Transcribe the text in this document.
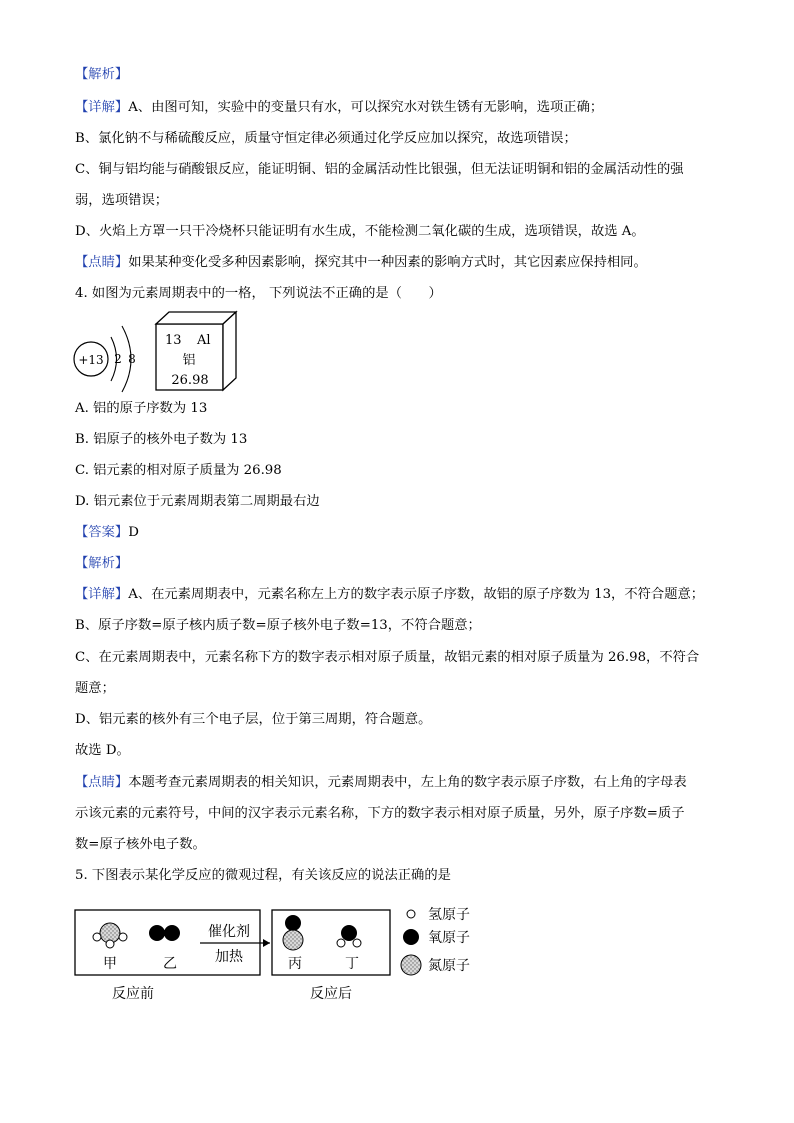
【解析】
【详解】A、由图可知，实验中的变量只有水，可以探究水对铁生锈有无影响，选项正确；
B、氯化钠不与稀硫酸反应，质量守恒定律必须通过化学反应加以探究，故选项错误；
C、铜与铝均能与硝酸银反应，能证明铜、铝的金属活动性比银强，但无法证明铜和铝的金属活动性的强
弱，选项错误；
D、火焰上方罩一只干冷烧杯只能证明有水生成，不能检测二氧化碳的生成，选项错误，故选 A。
【点睛】如果某种变化受多种因素影响，探究其中一种因素的影响方式时，其它因素应保持相同。
4. 如图为元素周期表中的一格， 下列说法不正确的是（　　）
+13 2 8
13 Al
铝
26.98
A. 铝的原子序数为 13
B. 铝原子的核外电子数为 13
C. 铝元素的相对原子质量为 26.98
D. 铝元素位于元素周期表第二周期最右边
【答案】D
【解析】
【详解】A、在元素周期表中，元素名称左上方的数字表示原子序数，故铝的原子序数为 13，不符合题意；
B、原子序数=原子核内质子数=原子核外电子数=13，不符合题意；
C、在元素周期表中，元素名称下方的数字表示相对原子质量，故铝元素的相对原子质量为 26.98，不符合
题意；
D、铝元素的核外有三个电子层，位于第三周期，符合题意。
故选 D。
【点睛】本题考查元素周期表的相关知识，元素周期表中，左上角的数字表示原子序数，右上角的字母表
示该元素的元素符号，中间的汉字表示元素名称，下方的数字表示相对原子质量，另外，原子序数=质子
数=原子核外电子数。
5. 下图表示某化学反应的微观过程，有关该反应的说法正确的是
甲	乙
催化剂
加热	丙	丁
反应前	反应后
氢原子
氧原子
氮原子
